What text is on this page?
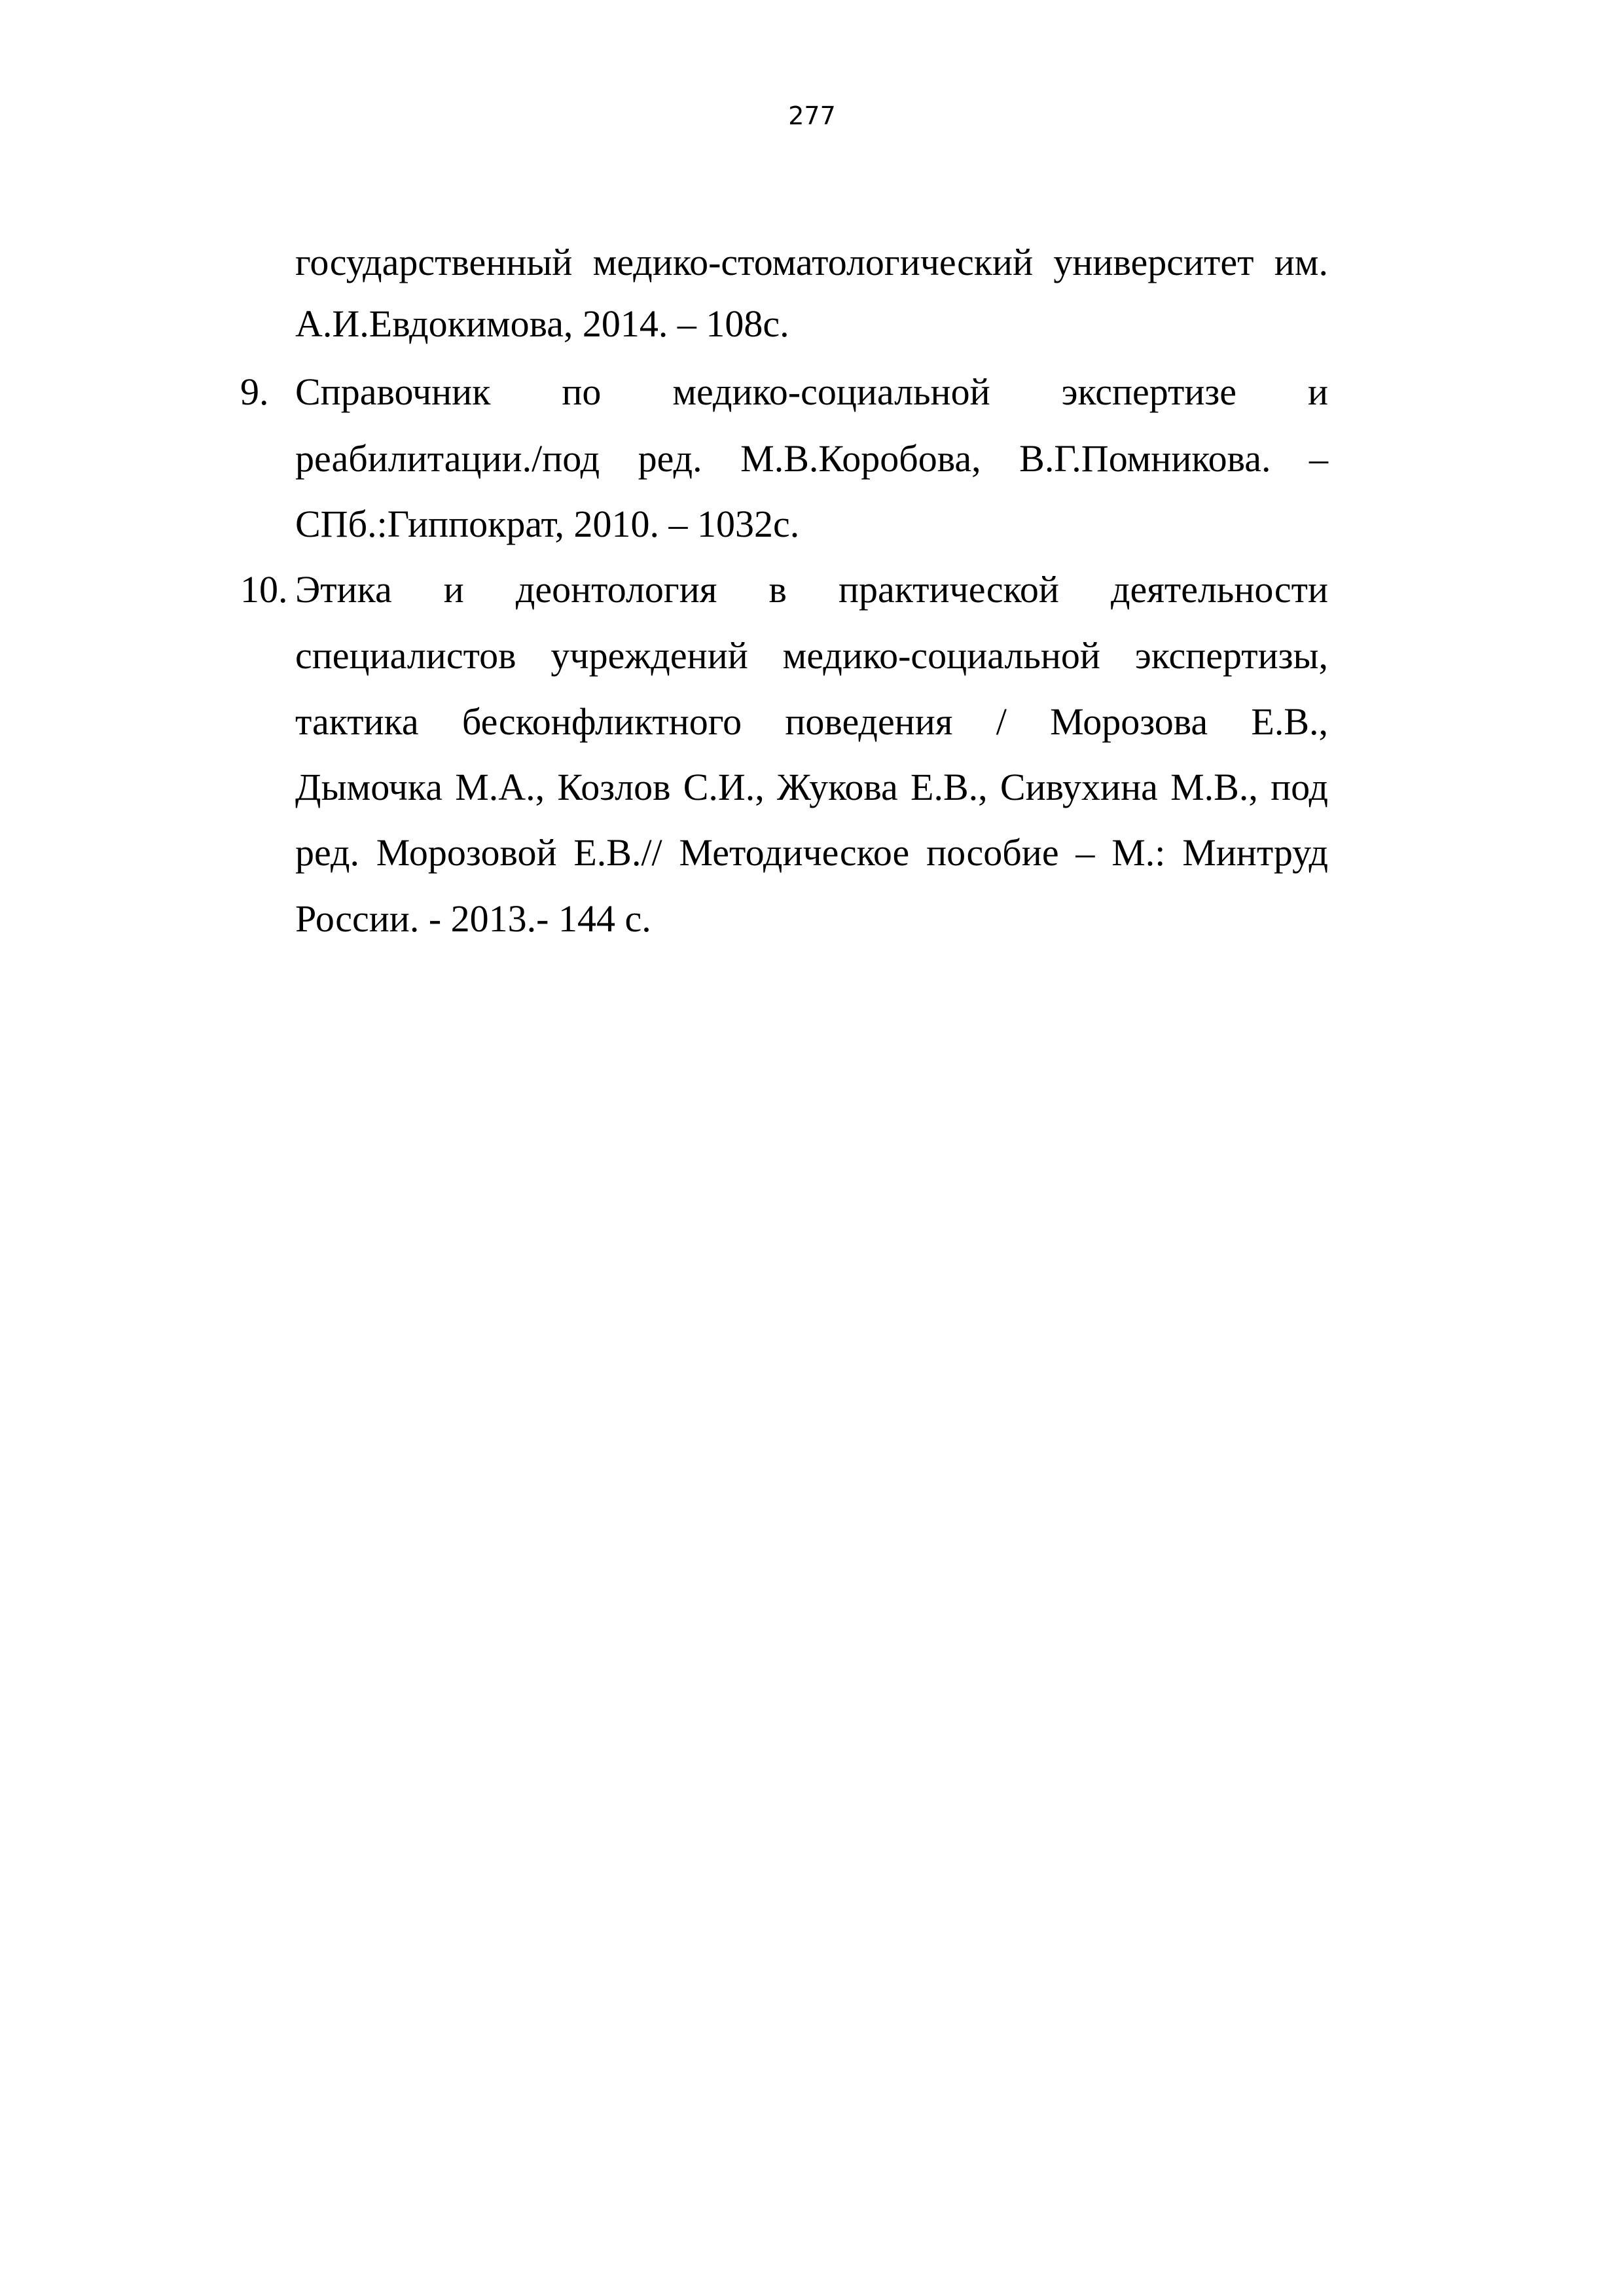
277
государственный медико-стоматологический университет им.
А.И.Евдокимова, 2014. – 108с.
9. Справочник по медико-социальной экспертизе и
реабилитации./под ред. М.В.Коробова, В.Г.Помникова. –
СПб.:Гиппократ, 2010. – 1032с.
10. Этика и деонтология в практической деятельности
специалистов учреждений медико-социальной экспертизы,
тактика бесконфликтного поведения / Морозова Е.В.,
Дымочка М.А., Козлов С.И., Жукова Е.В., Сивухина М.В., под
ред. Морозовой Е.В.// Методическое пособие – М.: Минтруд
России. - 2013.- 144 с.
